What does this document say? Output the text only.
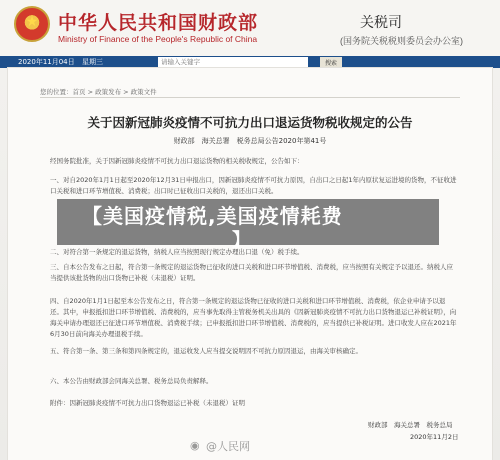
★
中华人民共和国财政部
Ministry of Finance of the People's Republic of China
关税司
(国务院关税税则委员会办公室)
2020年11月04日 星期三
请输入关键字	搜索
您的位置：首页 > 政策发布 > 政策文件
关于因新冠肺炎疫情不可抗力出口退运货物税收规定的公告
财政部　海关总署　税务总局公告2020年第41号
经国务院批准，关于因新冠肺炎疫情不可抗力出口退运货物的相关税收规定，公告如下：
一、对自2020年1月1日起至2020年12月31日申报出口，因新冠肺炎疫情不可抗力原因，自出口之日起1年内原状复运进境的货物，不征收进口关税和进口环节增值税、消费税；出口时已征收出口关税的，退还出口关税。
二、对符合第一条规定的退运货物，纳税人应当按照现行规定办理出口退（免）税手续。
三、自本公告发布之日起，符合第一条规定的退运货物已征收的进口关税和进口环节增值税、消费税，应当按照有关规定予以退还。纳税人应当提供该批货物的出口货物已补税（未退税）证明。
四、自2020年1月1日起至本公告发布之日，符合第一条规定的退运货物已征收的进口关税和进口环节增值税、消费税，依企业申请予以退还。其中，申报抵扣进口环节增值税、消费税的，应当事先取得主管税务机关出具的《因新冠肺炎疫情不可抗力出口货物退运已补税证明》，向海关申请办理退还已征进口环节增值税、消费税手续；已申报抵扣进口环节增值税、消费税的，应当提供已补税证明。进口收发人应在2021年6月30日前向海关办理退税手续。
五、符合第一条、第三条和第四条规定的，退运收发人应当提交说明因不可抗力原因退运，由海关审核确定。
六、本公告由财政部会同海关总署、税务总局负责解释。
附件：因新冠肺炎疫情不可抗力出口货物退运已补税（未退税）证明
财政部　海关总署　税务总局
2020年11月2日
【美国疫情税,美国疫情耗费
】
◉ @人民网
